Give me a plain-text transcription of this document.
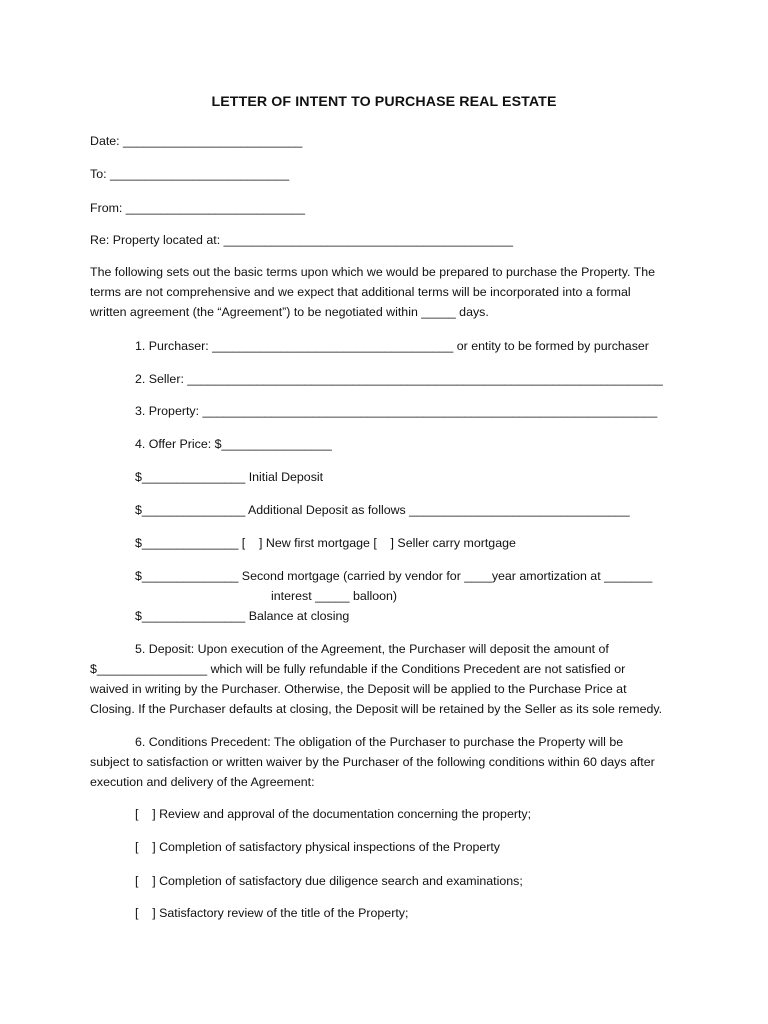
LETTER OF INTENT TO PURCHASE REAL ESTATE
Date: __________________________
To: __________________________
From: __________________________
Re: Property located at: __________________________________________
The following sets out the basic terms upon which we would be prepared to purchase the Property. The
terms are not comprehensive and we expect that additional terms will be incorporated into a formal
written agreement (the “Agreement”) to be negotiated within _____ days.
1. Purchaser: ___________________________________ or entity to be formed by purchaser
2. Seller: _____________________________________________________________________
3. Property: __________________________________________________________________
4. Offer Price: $________________
$_______________ Initial Deposit
$_______________ Additional Deposit as follows ________________________________
$______________ [    ] New first mortgage [    ] Seller carry mortgage
$______________ Second mortgage (carried by vendor for ____year amortization at _______
interest _____ balloon)
$_______________ Balance at closing
5. Deposit: Upon execution of the Agreement, the Purchaser will deposit the amount of
$________________ which will be fully refundable if the Conditions Precedent are not satisfied or
waived in writing by the Purchaser. Otherwise, the Deposit will be applied to the Purchase Price at
Closing. If the Purchaser defaults at closing, the Deposit will be retained by the Seller as its sole remedy.
6. Conditions Precedent: The obligation of the Purchaser to purchase the Property will be
subject to satisfaction or written waiver by the Purchaser of the following conditions within 60 days after
execution and delivery of the Agreement:
[    ] Review and approval of the documentation concerning the property;
[    ] Completion of satisfactory physical inspections of the Property
[    ] Completion of satisfactory due diligence search and examinations;
[    ] Satisfactory review of the title of the Property;
